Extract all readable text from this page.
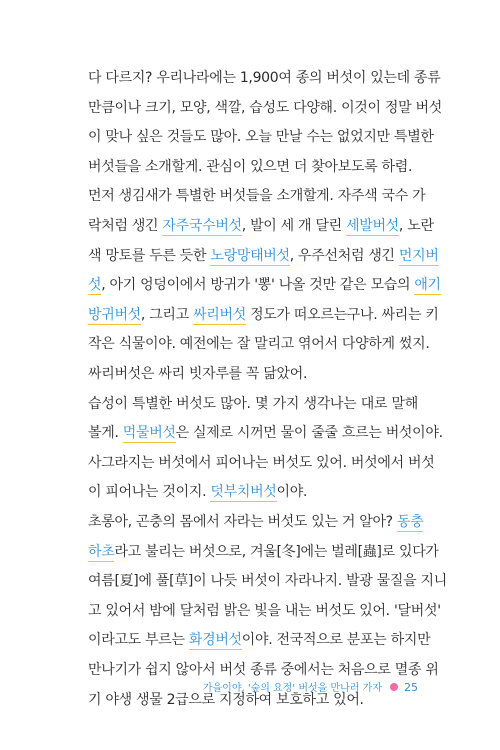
다 다르지? 우리나라에는 1,900여 종의 버섯이 있는데 종류
만큼이나 크기, 모양, 색깔, 습성도 다양해. 이것이 정말 버섯
이 맞나 싶은 것들도 많아. 오늘 만날 수는 없었지만 특별한
버섯들을 소개할게. 관심이 있으면 더 찾아보도록 하렴.
먼저 생김새가 특별한 버섯들을 소개할게. 자주색 국수 가
락처럼 생긴 자주국수버섯, 발이 세 개 달린 세발버섯, 노란
색 망토를 두른 듯한 노랑망태버섯, 우주선처럼 생긴 먼지버
섯, 아기 엉덩이에서 방귀가 '뽕' 나올 것만 같은 모습의 애기
방귀버섯, 그리고 싸리버섯 정도가 떠오르는구나. 싸리는 키
작은 식물이야. 예전에는 잘 말리고 엮어서 다양하게 썼지.
싸리버섯은 싸리 빗자루를 꼭 닮았어.
습성이 특별한 버섯도 많아. 몇 가지 생각나는 대로 말해
볼게. 먹물버섯은 실제로 시꺼먼 물이 줄줄 흐르는 버섯이야.
사그라지는 버섯에서 피어나는 버섯도 있어. 버섯에서 버섯
이 피어나는 것이지. 덧부치버섯이야.
초롱아, 곤충의 몸에서 자라는 버섯도 있는 거 알아? 동충
하초라고 불리는 버섯으로, 겨울[冬]에는 벌레[蟲]로 있다가
여름[夏]에 풀[草]이 나듯 버섯이 자라나지. 발광 물질을 지니
고 있어서 밤에 달처럼 밝은 빛을 내는 버섯도 있어. '달버섯'
이라고도 부르는 화경버섯이야. 전국적으로 분포는 하지만
만나기가 쉽지 않아서 버섯 종류 중에서는 처음으로 멸종 위
기 야생 생물 2급으로 지정하여 보호하고 있어.
가을이야, '숲의 요정' 버섯을 만나러 가자 25
